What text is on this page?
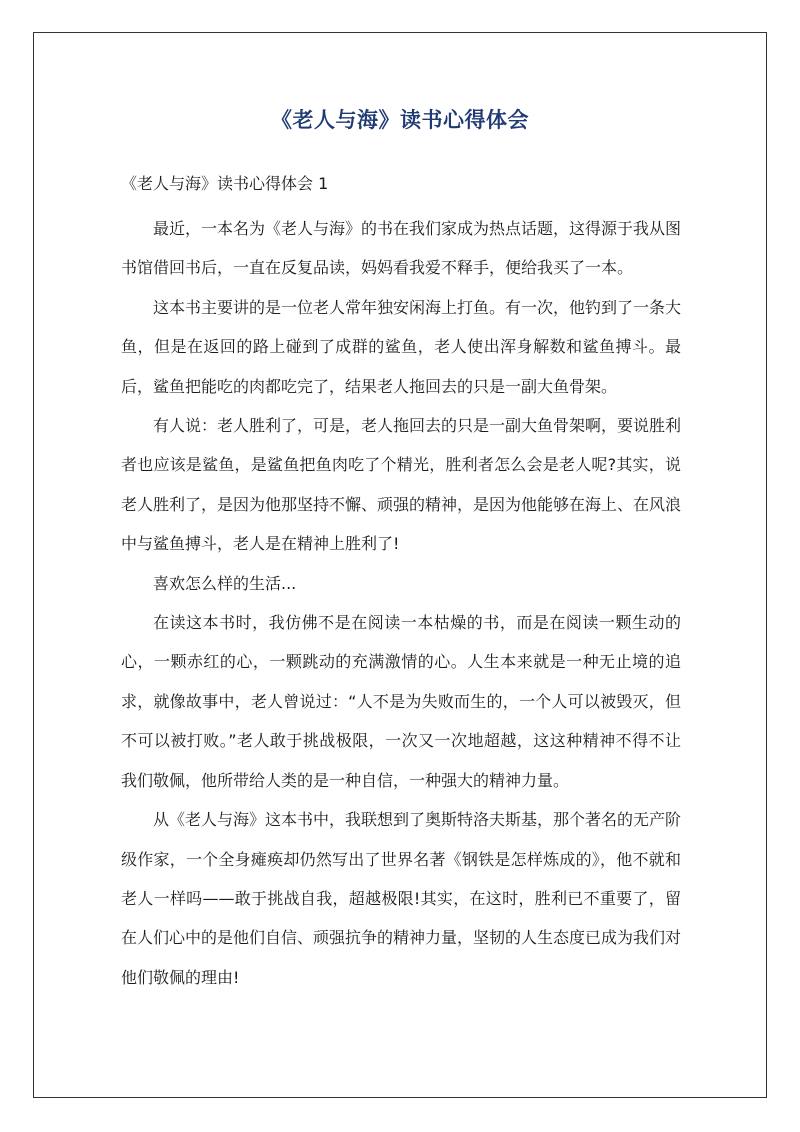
《老人与海》读书心得体会
《老人与海》读书心得体会 1

最近，一本名为《老人与海》的书在我们家成为热点话题，这得源于我从图书馆借回书后，一直在反复品读，妈妈看我爱不释手，便给我买了一本。

这本书主要讲的是一位老人常年独安闲海上打鱼。有一次，他钓到了一条大鱼，但是在返回的路上碰到了成群的鲨鱼，老人使出浑身解数和鲨鱼搏斗。最后，鲨鱼把能吃的肉都吃完了，结果老人拖回去的只是一副大鱼骨架。

有人说：老人胜利了，可是，老人拖回去的只是一副大鱼骨架啊，要说胜利者也应该是鲨鱼，是鲨鱼把鱼肉吃了个精光，胜利者怎么会是老人呢?其实，说老人胜利了，是因为他那坚持不懈、顽强的精神，是因为他能够在海上、在风浪中与鲨鱼搏斗，老人是在精神上胜利了!

喜欢怎么样的生活...

在读这本书时，我仿佛不是在阅读一本枯燥的书，而是在阅读一颗生动的心，一颗赤红的心，一颗跳动的充满激情的心。人生本来就是一种无止境的追求，就像故事中，老人曾说过：“人不是为失败而生的，一个人可以被毁灭，但不可以被打败。”老人敢于挑战极限，一次又一次地超越，这这种精神不得不让我们敬佩，他所带给人类的是一种自信，一种强大的精神力量。

从《老人与海》这本书中，我联想到了奥斯特洛夫斯基，那个著名的无产阶级作家，一个全身瘫痪却仍然写出了世界名著《钢铁是怎样炼成的》，他不就和老人一样吗——敢于挑战自我，超越极限!其实，在这时，胜利已不重要了，留在人们心中的是他们自信、顽强抗争的精神力量，坚韧的人生态度已成为我们对他们敬佩的理由!
